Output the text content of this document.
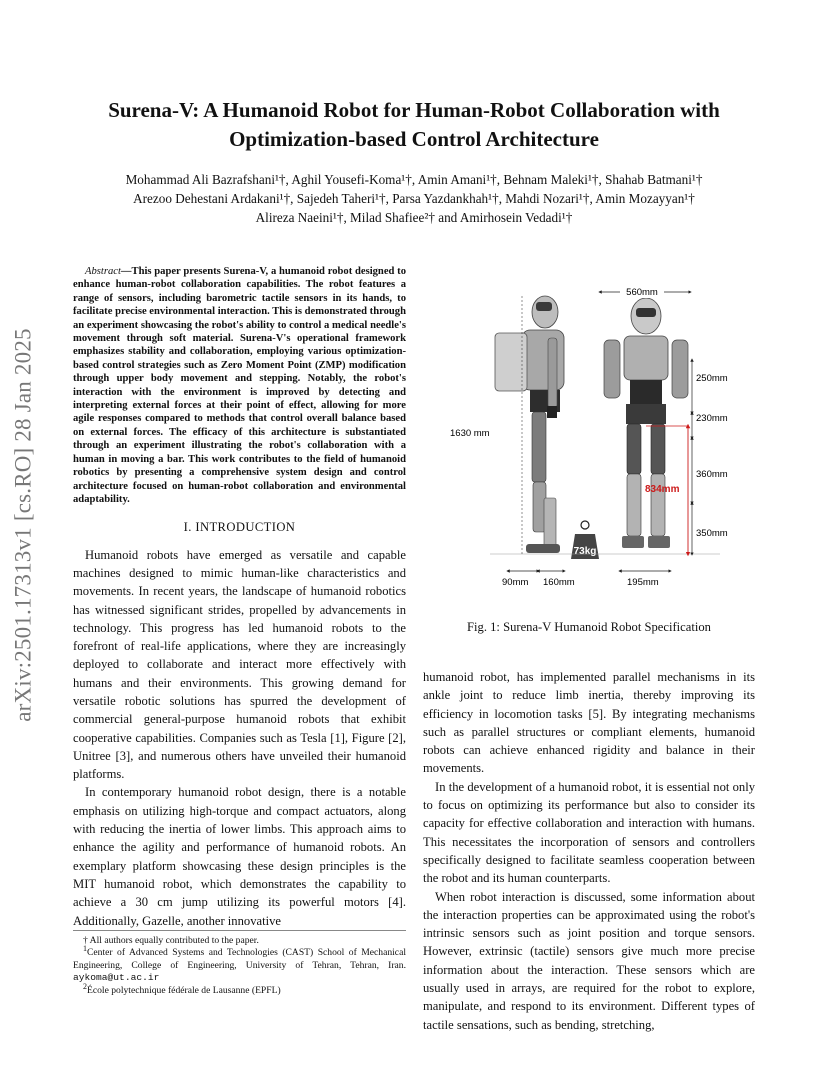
arXiv:2501.17313v1 [cs.RO] 28 Jan 2025
Surena-V: A Humanoid Robot for Human-Robot Collaboration with Optimization-based Control Architecture
Mohammad Ali Bazrafshani¹†, Aghil Yousefi-Koma¹†, Amin Amani¹†, Behnam Maleki¹†, Shahab Batmani¹†
Arezoo Dehestani Ardakani¹†, Sajedeh Taheri¹†, Parsa Yazdankhah¹†, Mahdi Nozari¹†, Amin Mozayyan¹†
Alireza Naeini¹†, Milad Shafiee²† and Amirhosein Vedadi¹†

Abstract—This paper presents Surena-V, a humanoid robot designed to enhance human-robot collaboration capabilities. The robot features a range of sensors, including barometric tactile sensors in its hands, to facilitate precise environmental interaction. This is demonstrated through an experiment showcasing the robot's ability to control a medical needle's movement through soft material. Surena-V's operational framework emphasizes stability and collaboration, employing various optimization-based control strategies such as Zero Moment Point (ZMP) modification through upper body movement and stepping. Notably, the robot's interaction with the environment is improved by detecting and interpreting external forces at their point of effect, allowing for more agile responses compared to methods that control overall balance based on external forces. The efficacy of this architecture is substantiated through an experiment illustrating the robot's collaboration with a human in moving a bar. This work contributes to the field of humanoid robotics by presenting a comprehensive system design and control architecture focused on human-robot collaboration and environmental adaptability.

I. INTRODUCTION

Humanoid robots have emerged as versatile and capable machines designed to mimic human-like characteristics and movements. In recent years, the landscape of humanoid robotics has witnessed significant strides, propelled by advancements in technology. This progress has led humanoid robots to the forefront of real-life applications, where they are increasingly deployed to collaborate and interact more effectively with humans and their environments. This growing demand for versatile robotic solutions has spurred the development of commercial general-purpose humanoid robots that exhibit cooperative capabilities. Companies such as Tesla [1], Figure [2], Unitree [3], and numerous others have unveiled their humanoid platforms.

In contemporary humanoid robot design, there is a notable emphasis on utilizing high-torque and compact actuators, along with reducing the inertia of lower limbs. This approach aims to enhance the agility and performance of humanoid robots. An exemplary platform showcasing these design principles is the MIT humanoid robot, which demonstrates the capability to achieve a 30 cm jump utilizing its powerful motors [4]. Additionally, Gazelle, another innovative

† All authors equally contributed to the paper.
$^1$Center of Advanced Systems and Technologies (CAST) School of Mechanical Engineering, College of Engineering, University of Tehran, Tehran, Iran. aykoma@ut.ac.ir
$^2$École polytechnique fédérale de Lausanne (EPFL)
73kg
560mm
1630 mm
250mm
230mm
360mm
350mm
834mm
90mm 160mm	195mm
Fig. 1: Surena-V Humanoid Robot Specification

humanoid robot, has implemented parallel mechanisms in its ankle joint to reduce limb inertia, thereby improving its efficiency in locomotion tasks [5]. By integrating mechanisms such as parallel structures or compliant elements, humanoid robots can achieve enhanced rigidity and balance in their movements.

In the development of a humanoid robot, it is essential not only to focus on optimizing its performance but also to consider its capacity for effective collaboration and interaction with humans. This necessitates the incorporation of sensors and controllers specifically designed to facilitate seamless cooperation between the robot and its human counterparts.

When robot interaction is discussed, some information about the interaction properties can be approximated using the robot's intrinsic sensors such as joint position and torque sensors. However, extrinsic (tactile) sensors give much more precise information about the interaction. These sensors which are usually used in arrays, are required for the robot to explore, manipulate, and respond to its environment. Different types of tactile sensations, such as bending, stretching,
